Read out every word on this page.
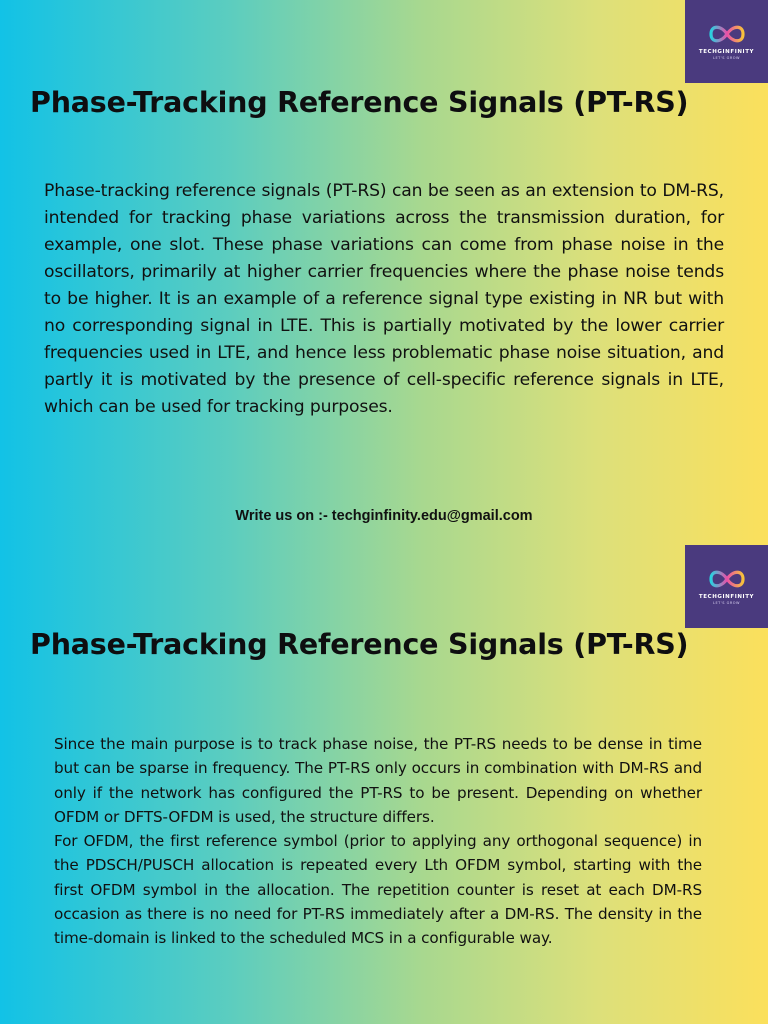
TECHGINFINITY
LET'S GROW
Phase-Tracking Reference Signals (PT-RS)

Phase-tracking reference signals (PT-RS) can be seen as an extension to DM-RS, intended for tracking phase variations across the transmission duration, for example, one slot. These phase variations can come from phase noise in the oscillators, primarily at higher carrier frequencies where the phase noise tends to be higher. It is an example of a reference signal type existing in NR but with no corresponding signal in LTE. This is partially motivated by the lower carrier frequencies used in LTE, and hence less problematic phase noise situation, and partly it is motivated by the presence of cell-specific reference signals in LTE, which can be used for tracking purposes.

Write us on :- techginfinity.edu@gmail.com
TECHGINFINITY
LET'S GROW
Phase-Tracking Reference Signals (PT-RS)
Since the main purpose is to track phase noise, the PT-RS needs to be dense in time but can be sparse in frequency. The PT-RS only occurs in combination with DM-RS and only if the network has configured the PT-RS to be present. Depending on whether OFDM or DFTS-OFDM is used, the structure differs.
For OFDM, the first reference symbol (prior to applying any orthogonal sequence) in the PDSCH/PUSCH allocation is repeated every Lth OFDM symbol, starting with the first OFDM symbol in the allocation. The repetition counter is reset at each DM-RS occasion as there is no need for PT-RS immediately after a DM-RS. The density in the time-domain is linked to the scheduled MCS in a configurable way.
